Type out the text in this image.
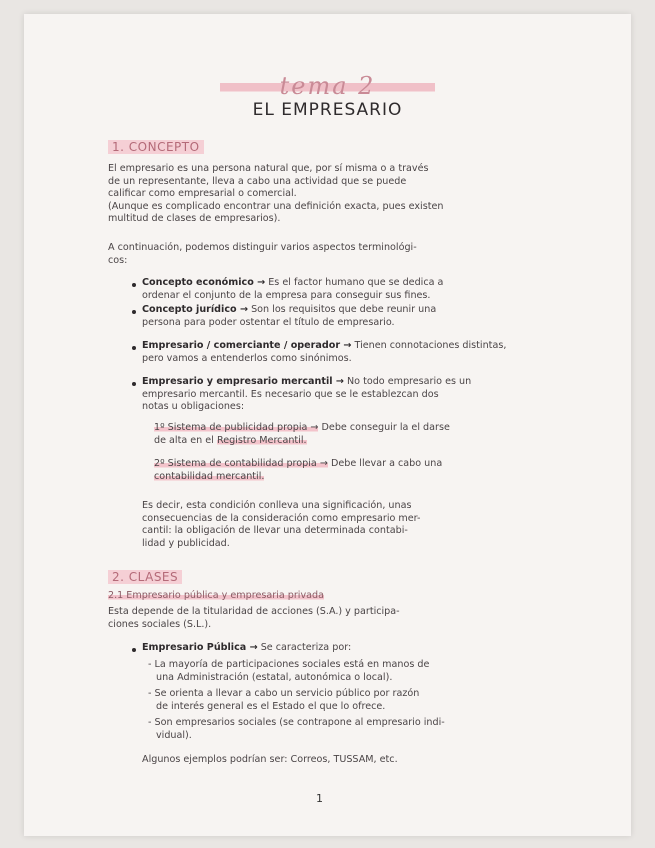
tema 2
EL EMPRESARIO
1. CONCEPTO
El empresario es una persona natural que, por sí misma o a través
de un representante, lleva a cabo una actividad que se puede
calificar como empresarial o comercial.
(Aunque es complicado encontrar una definición exacta, pues existen
multitud de clases de empresarios).
A continuación, podemos distinguir varios aspectos terminológi-
cos:
Concepto económico → Es el factor humano que se dedica a
ordenar el conjunto de la empresa para conseguir sus fines.
Concepto jurídico → Son los requisitos que debe reunir una
persona para poder ostentar el título de empresario.
Empresario / comerciante / operador → Tienen connotaciones distintas,
pero vamos a entenderlos como sinónimos.
Empresario y empresario mercantil → No todo empresario es un
empresario mercantil. Es necesario que se le establezcan dos
notas u obligaciones:
1º Sistema de publicidad propia → Debe conseguir la el darse
de alta en el Registro Mercantil.
2º Sistema de contabilidad propia → Debe llevar a cabo una
contabilidad mercantil.
Es decir, esta condición conlleva una significación, unas
consecuencias de la consideración como empresario mer-
cantil: la obligación de llevar una determinada contabi-
lidad y publicidad.
2. CLASES
2.1 Empresario pública y empresaria privada
Esta depende de la titularidad de acciones (S.A.) y participa-
ciones sociales (S.L.).
Empresario Pública → Se caracteriza por:
- La mayoría de participaciones sociales está en manos de
una Administración (estatal, autonómica o local).
- Se orienta a llevar a cabo un servicio público por razón
de interés general es el Estado el que lo ofrece.
- Son empresarios sociales (se contrapone al empresario indi-
vidual).
Algunos ejemplos podrían ser: Correos, TUSSAM, etc.
1
